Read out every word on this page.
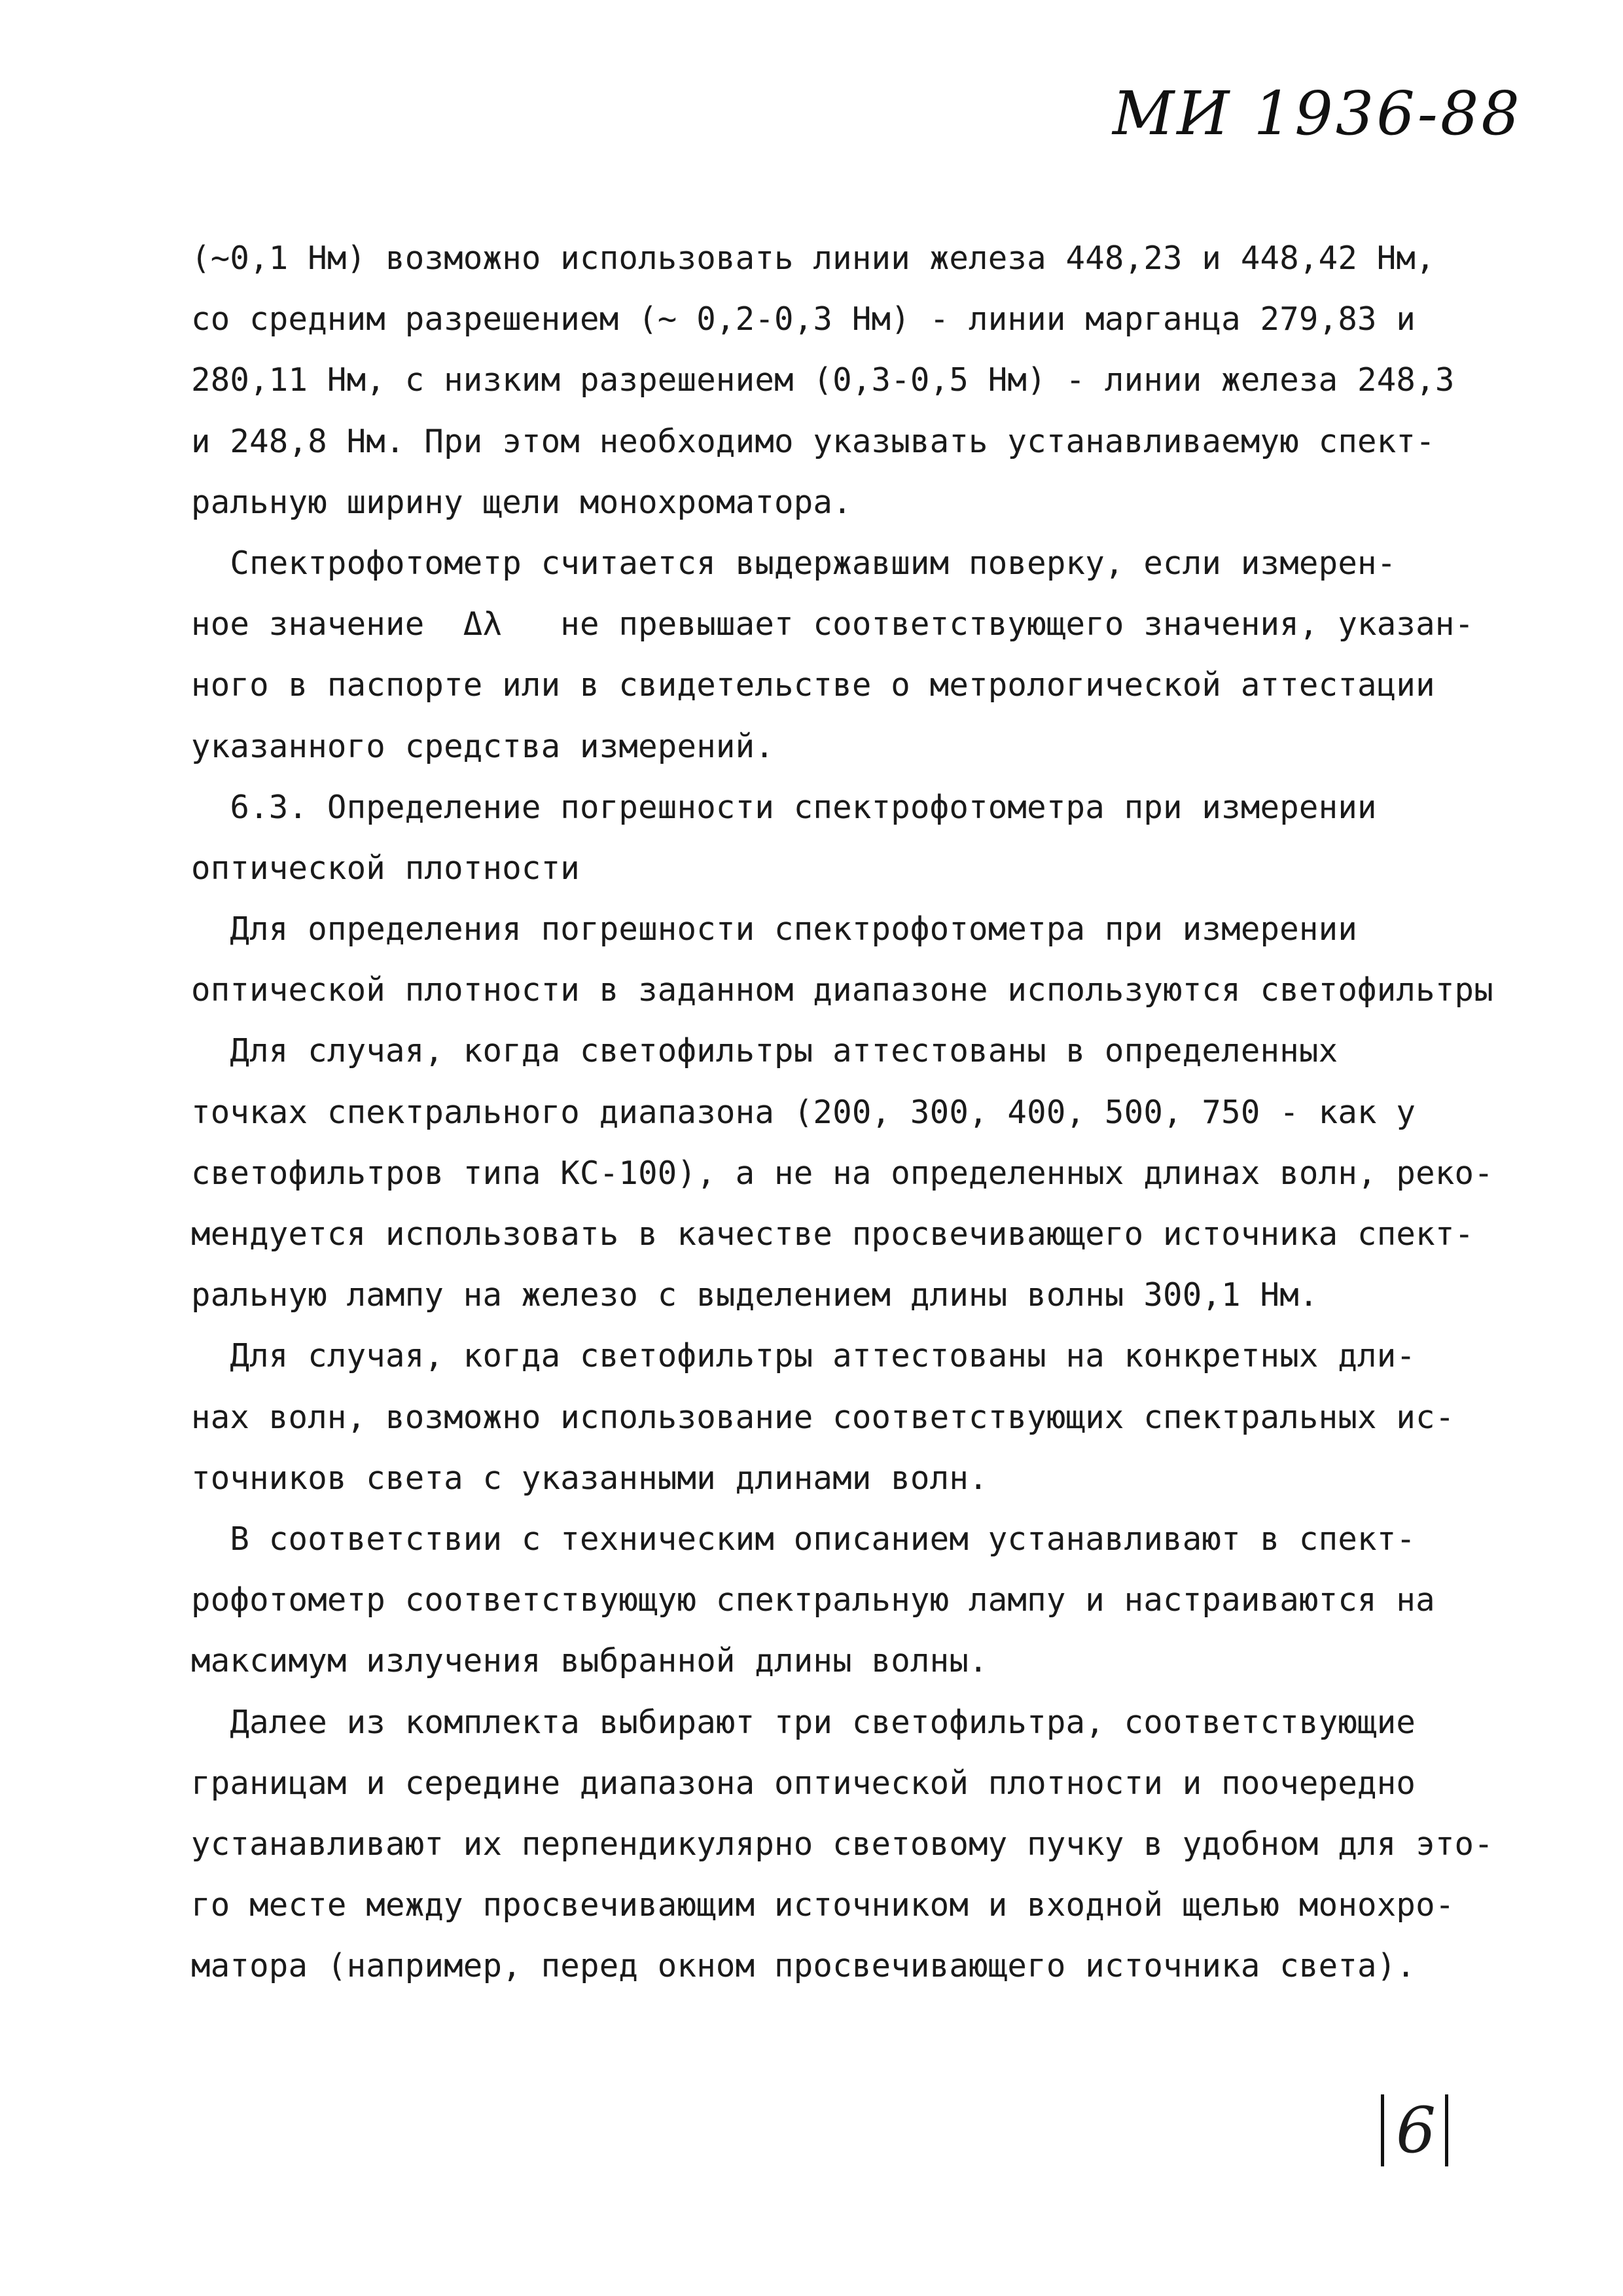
МИ 1936-88
(~0,1 Нм) возможно использовать линии железа 448,23 и 448,42 Нм,
со средним разрешением (~ 0,2-0,3 Нм) - линии марганца 279,83 и
280,11 Нм, с низким разрешением (0,3-0,5 Нм) - линии железа 248,3
и 248,8 Нм. При этом необходимо указывать устанавливаемую спект-
ральную ширину щели монохроматора.
Спектрофотометр считается выдержавшим поверку, если измерен-
ное значение  Δλ   не превышает соответствующего значения, указан-
ного в паспорте или в свидетельстве о метрологической аттестации
указанного средства измерений.
6.3. Определение погрешности спектрофотометра при измерении
оптической плотности
Для определения погрешности спектрофотометра при измерении
оптической плотности в заданном диапазоне используются светофильтры
Для случая, когда светофильтры аттестованы в определенных
точках спектрального диапазона (200, 300, 400, 500, 750 - как у
светофильтров типа КС-100), а не на определенных длинах волн, реко-
мендуется использовать в качестве просвечивающего источника спект-
ральную лампу на железо с выделением длины волны 300,1 Нм.
Для случая, когда светофильтры аттестованы на конкретных дли-
нах волн, возможно использование соответствующих спектральных ис-
точников света с указанными длинами волн.
В соответствии с техническим описанием устанавливают в спект-
рофотометр соответствующую спектральную лампу и настраиваются на
максимум излучения выбранной длины волны.
Далее из комплекта выбирают три светофильтра, соответствующие
границам и середине диапазона оптической плотности и поочередно
устанавливают их перпендикулярно световому пучку в удобном для это-
го месте между просвечивающим источником и входной щелью монохро-
матора (например, перед окном просвечивающего источника света).
6
